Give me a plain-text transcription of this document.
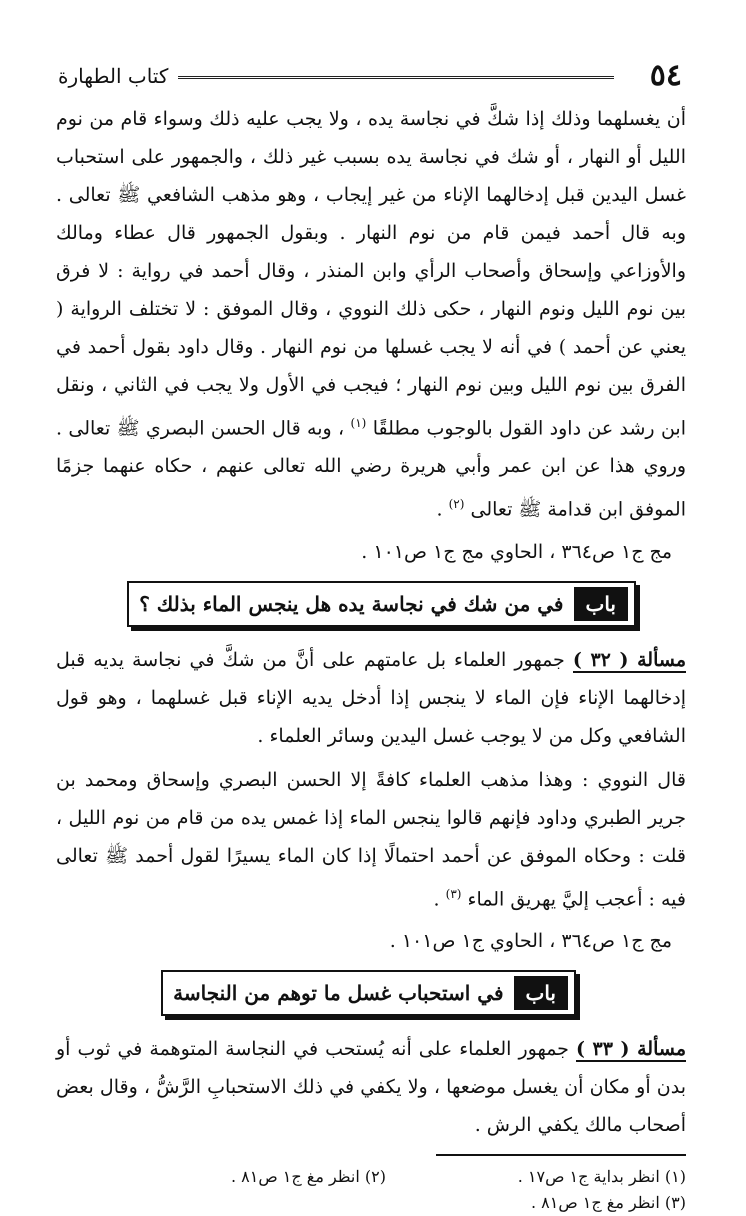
٥٤
كتاب الطهارة

أن يغسلهما وذلك إذا شكَّ في نجاسة يده ، ولا يجب عليه ذلك وسواء قام من نوم الليل أو النهار ، أو شك في نجاسة يده بسبب غير ذلك ، والجمهور على استحباب غسل اليدين قبل إدخالهما الإناء من غير إيجاب ، وهو مذهب الشافعي ﷺ تعالى . وبه قال أحمد فيمن قام من نوم النهار . وبقول الجمهور قال عطاء ومالك والأوزاعي وإسحاق وأصحاب الرأي وابن المنذر ، وقال أحمد في رواية : لا فرق بين نوم الليل ونوم النهار ، حكى ذلك النووي ، وقال الموفق : لا تختلف الرواية ( يعني عن أحمد ) في أنه لا يجب غسلها من نوم النهار . وقال داود بقول أحمد في الفرق بين نوم الليل وبين نوم النهار ؛ فيجب في الأول ولا يجب في الثاني ، ونقل ابن رشد عن داود القول بالوجوب مطلقًا $^{(١)}$ ، وبه قال الحسن البصري ﷺ تعالى . وروي هذا عن ابن عمر وأبي هريرة رضي الله تعالى عنهم ، حكاه عنهما جزمًا الموفق ابن قدامة ﷺ تعالى $^{(٢)}$ .

مج ج١ ص٣٦٤ ، الحاوي مج ج١ ص١٠١ .
باب
في من شك في نجاسة يده هل ينجس الماء بذلك ؟

مسألة ( ٣٢ ) جمهور العلماء بل عامتهم على أنَّ من شكَّ في نجاسة يديه قبل إدخالهما الإناء فإن الماء لا ينجس إذا أدخل يديه الإناء قبل غسلهما ، وهو قول الشافعي وكل من لا يوجب غسل اليدين وسائر العلماء .

قال النووي : وهذا مذهب العلماء كافةً إلا الحسن البصري وإسحاق ومحمد بن جرير الطبري وداود فإنهم قالوا ينجس الماء إذا غمس يده من قام من نوم الليل ، قلت : وحكاه الموفق عن أحمد احتمالًا إذا كان الماء يسيرًا لقول أحمد ﷺ تعالى فيه : أعجب إليَّ يهريق الماء $^{(٣)}$ .

مج ج١ ص٣٦٤ ، الحاوي ج١ ص١٠١ .
باب
في استحباب غسل ما توهم من النجاسة

مسألة ( ٣٣ ) جمهور العلماء على أنه يُستحب في النجاسة المتوهمة في ثوب أو بدن أو مكان أن يغسل موضعها ، ولا يكفي في ذلك الاستحبابِ الرَّشُّ ، وقال بعض أصحاب مالك يكفي الرش .

(١) انظر بداية ج١ ص١٧ .
(٢) انظر مغ ج١ ص٨١ .
(٣) انظر مغ ج١ ص٨١ .
